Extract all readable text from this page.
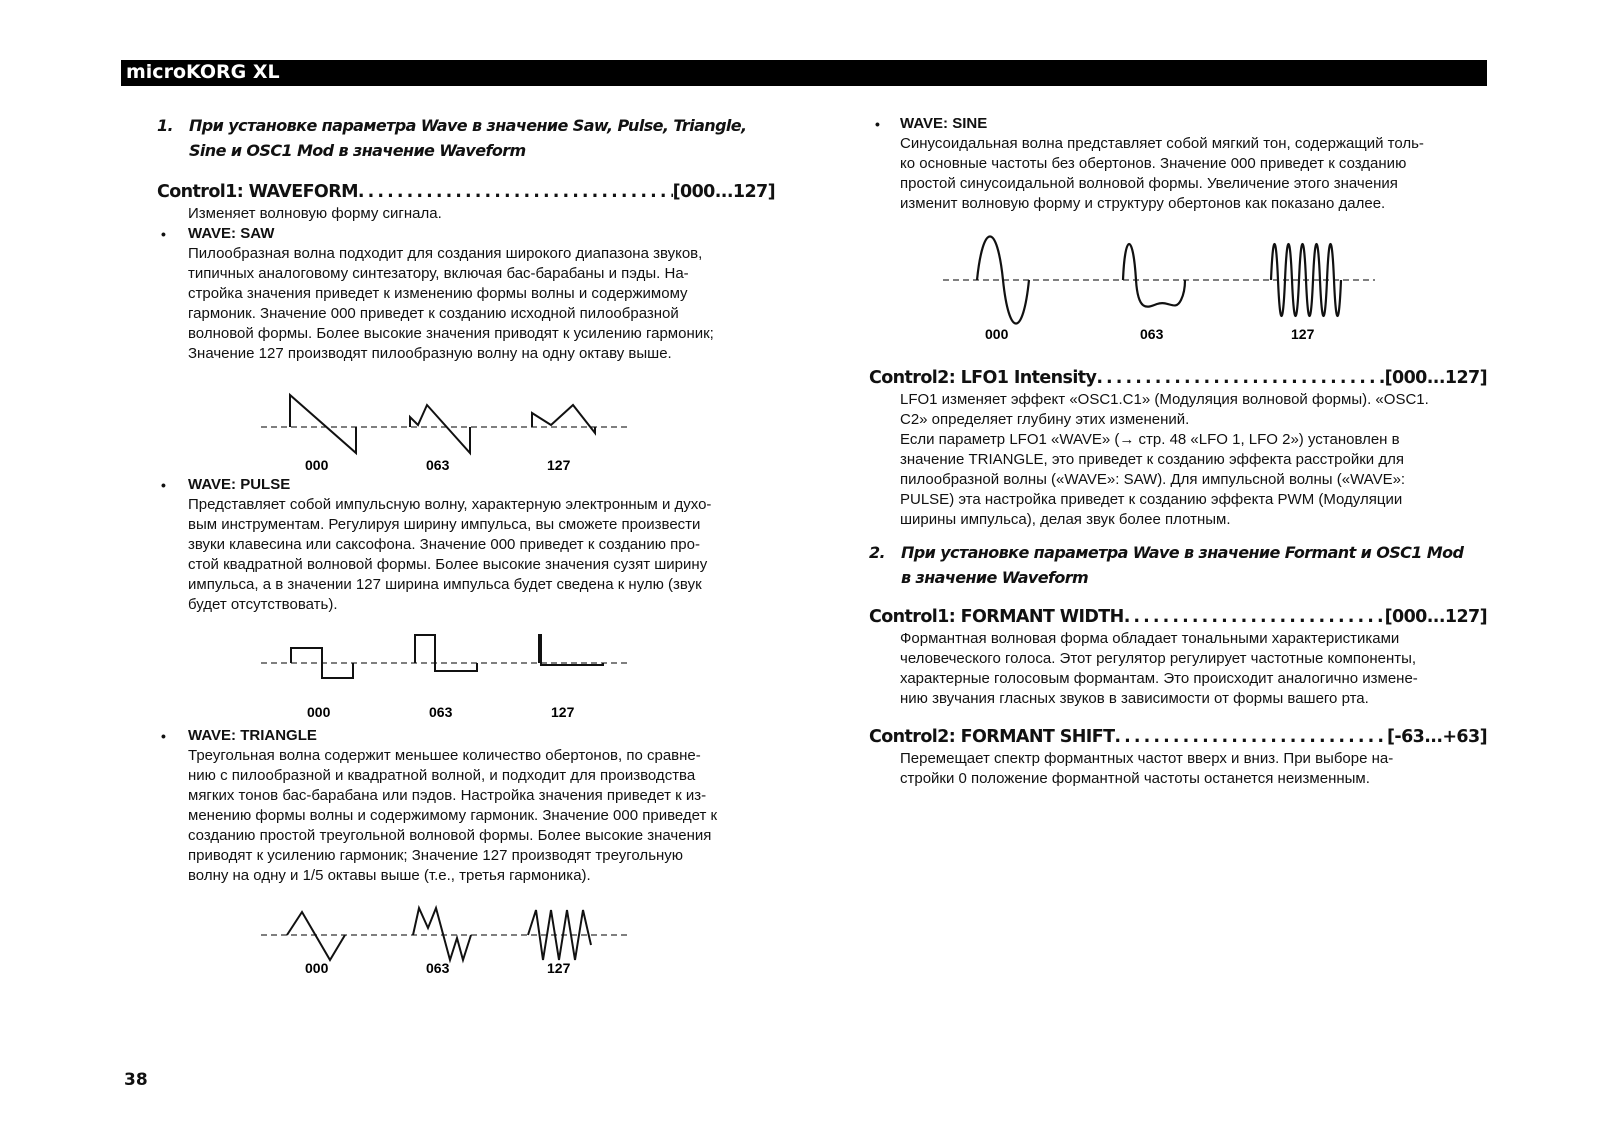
microKORG XL
1. При установке параметра Wave в значение Saw, Pulse, Triangle, Sine и OSC1 Mod в значение Waveform
Control1: WAVEFORM . . .	[000...127]
Изменяет волновую форму сигнала.
• WAVE: SAW
Пилообразная волна подходит для создания широкого диапазона звуков,
типичных аналоговому синтезатору, включая бас-барабаны и пэды. На-
стройка значения приведет к изменению формы волны и содержимому
гармоник. Значение 000 приведет к созданию исходной пилообразной
волновой формы. Более высокие значения приводят к усилению гармоник;
Значение 127 производят пилообразную волну на одну октаву выше.
000	063	127
• WAVE: PULSE
Представляет собой импульсную волну, характерную электронным и духо-
вым инструментам. Регулируя ширину импульса, вы сможете произвести
звуки клавесина или саксофона. Значение 000 приведет к созданию про-
стой квадратной волновой формы. Более высокие значения сузят ширину
импульса, а в значении 127 ширина импульса будет сведена к нулю (звук
будет отсутствовать).
000	063	127
• WAVE: TRIANGLE
Треугольная волна содержит меньшее количество обертонов, по сравне-
нию с пилообразной и квадратной волной, и подходит для производства
мягких тонов бас-барабана или пэдов. Настройка значения приведет к из-
менению формы волны и содержимому гармоник. Значение 000 приведет к
созданию простой треугольной волновой формы. Более высокие значения
приводят к усилению гармоник; Значение 127 производят треугольную
волну на одну и 1/5 октавы выше (т.е., третья гармоника).
000	063	127
• WAVE: SINE
Синусоидальная волна представляет собой мягкий тон, содержащий толь-
ко основные частоты без обертонов. Значение 000 приведет к созданию
простой синусоидальной волновой формы. Увеличение этого значения
изменит волновую форму и структуру обертонов как показано далее.
000	063	127
Control2: LFO1 Intensity . . .	[000...127]
LFO1 изменяет эффект «OSC1.C1» (Модуляция волновой формы). «OSC1.
C2» определяет глубину этих изменений.
Если параметр LFO1 «WAVE» (→ стр. 48 «LFO 1, LFO 2») установлен в
значение TRIANGLE, это приведет к созданию эффекта расстройки для
пилообразной волны («WAVE»: SAW). Для импульсной волны («WAVE»:
PULSE) эта настройка приведет к созданию эффекта PWM (Модуляции
ширины импульса), делая звук более плотным.
2. При установке параметра Wave в значение Formant и OSC1 Mod в значение Waveform
Control1: FORMANT WIDTH . . .	[000...127]
Формантная волновая форма обладает тональными характеристиками
человеческого голоса. Этот регулятор регулирует частотные компоненты,
характерные голосовым формантам. Это происходит аналогично измене-
нию звучания гласных звуков в зависимости от формы вашего рта.
Control2: FORMANT SHIFT . . .	[-63...+63]
Перемещает спектр формантных частот вверх и вниз. При выборе на-
стройки 0 положение формантной частоты останется неизменным.
38
